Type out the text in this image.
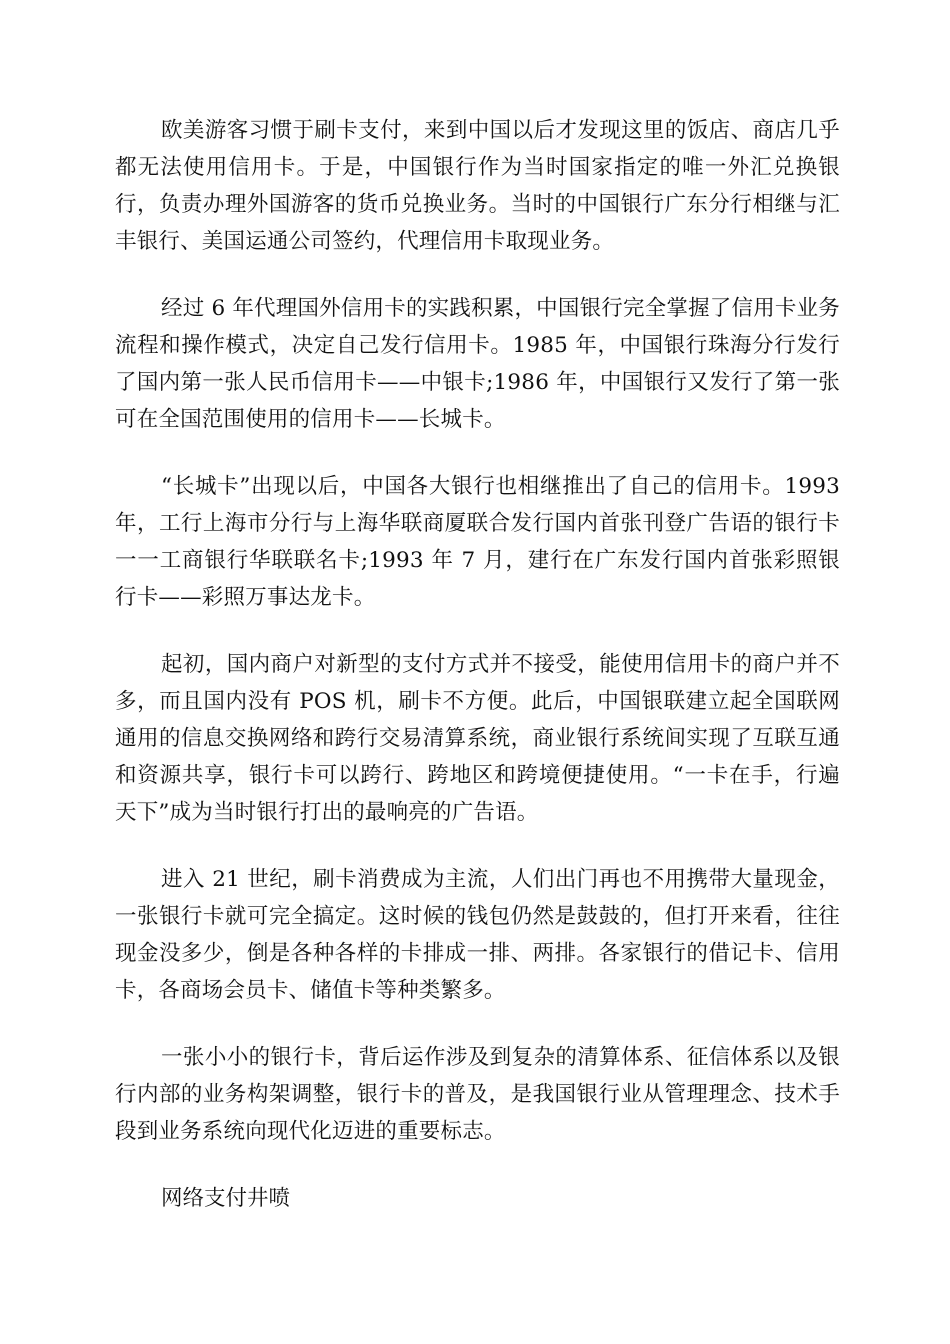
欧美游客习惯于刷卡支付，来到中国以后才发现这里的饭店、商店几乎都无法使用信用卡。于是，中国银行作为当时国家指定的唯一外汇兑换银行，负责办理外国游客的货币兑换业务。当时的中国银行广东分行相继与汇丰银行、美国运通公司签约，代理信用卡取现业务。

经过 6 年代理国外信用卡的实践积累，中国银行完全掌握了信用卡业务流程和操作模式，决定自己发行信用卡。1985 年，中国银行珠海分行发行了国内第一张人民币信用卡——中银卡;1986 年，中国银行又发行了第一张可在全国范围使用的信用卡——长城卡。

“长城卡”出现以后，中国各大银行也相继推出了自己的信用卡。1993 年，工行上海市分行与上海华联商厦联合发行国内首张刊登广告语的银行卡一一工商银行华联联名卡;1993 年 7 月，建行在广东发行国内首张彩照银行卡——彩照万事达龙卡。

起初，国内商户对新型的支付方式并不接受，能使用信用卡的商户并不多，而且国内没有 POS 机，刷卡不方便。此后，中国银联建立起全国联网通用的信息交换网络和跨行交易清算系统，商业银行系统间实现了互联互通和资源共享，银行卡可以跨行、跨地区和跨境便捷使用。“一卡在手，行遍天下”成为当时银行打出的最响亮的广告语。

进入 21 世纪，刷卡消费成为主流，人们出门再也不用携带大量现金，一张银行卡就可完全搞定。这时候的钱包仍然是鼓鼓的，但打开来看，往往现金没多少，倒是各种各样的卡排成一排、两排。各家银行的借记卡、信用卡，各商场会员卡、储值卡等种类繁多。

一张小小的银行卡，背后运作涉及到复杂的清算体系、征信体系以及银行内部的业务构架调整，银行卡的普及，是我国银行业从管理理念、技术手段到业务系统向现代化迈进的重要标志。

网络支付井喷
